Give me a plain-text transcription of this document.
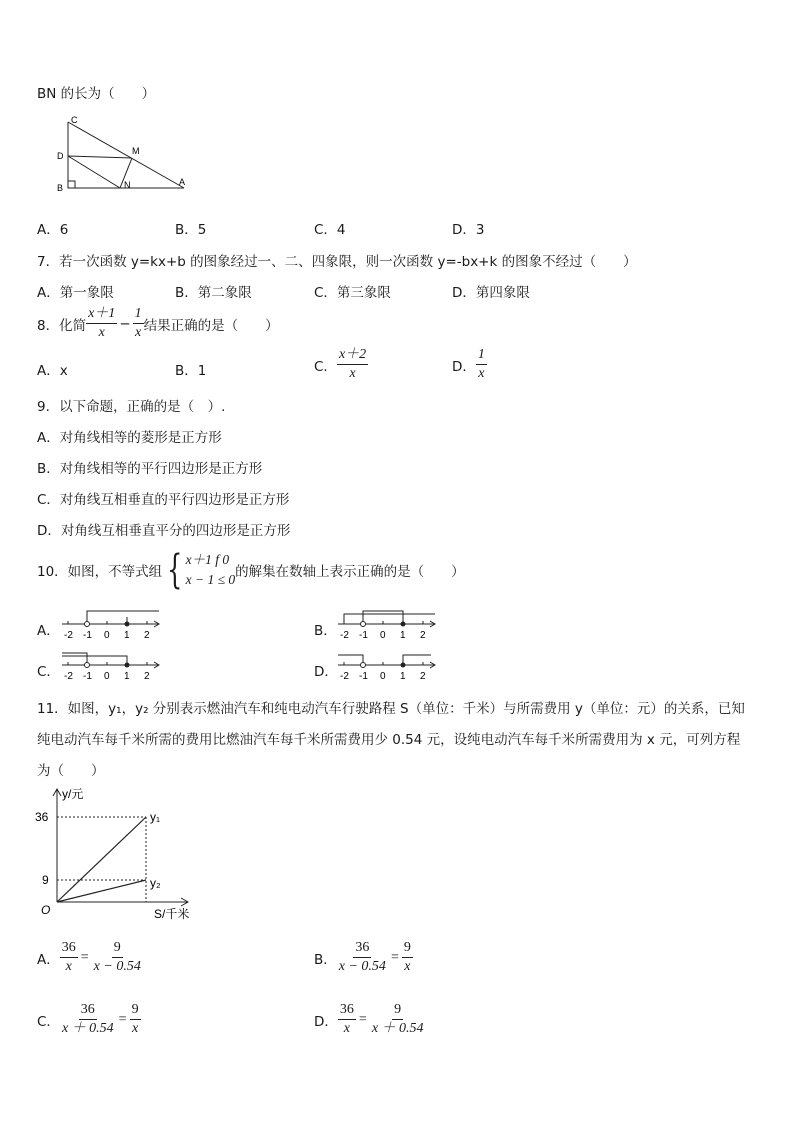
BN 的长为（　　）
C
D	M
B	N	A
A．6	B．5	C．4	D．3
7．若一次函数 y=kx+b 的图象经过一、二、四象限，则一次函数 y=-bx+k 的图象不经过（　　）
A．第一象限	B．第二象限	C．第三象限	D．第四象限
8．化简 $\frac{x+1}{x} - \frac{1}{x}$ 结果正确的是（　　）
A．x	B．1	C． $\frac{x+2}{x}$	D． $\frac{1}{x}$
9．以下命题，正确的是（　）.
A．对角线相等的菱形是正方形
B．对角线相等的平行四边形是正方形
C．对角线互相垂直的平行四边形是正方形
D．对角线互相垂直平分的四边形是正方形
10．如图，不等式组 { x＋1 f 0
x − 1 ≤ 0 的解集在数轴上表示正确的是（　　）
A． -2 -1 0 1 2	B． -2 -1 0 1 2
C． -2 -1 0 1 2	D． -2 -1 0 1 2
11．如图，y₁，y₂ 分别表示燃油汽车和纯电动汽车行驶路程 S（单位：千米）与所需费用 y（单位：元）的关系，已知
纯电动汽车每千米所需的费用比燃油汽车每千米所需费用少 0.54 元，设纯电动汽车每千米所需费用为 x 元，可列方程
为（　　）
y/元
S/千米
O
36
9
y₁
y₂
A． $\frac{36}{x} = \frac{9}{x - 0.54}$	B． $\frac{36}{x - 0.54} = \frac{9}{x}$
C． $\frac{36}{x + 0.54} = \frac{9}{x}$	D． $\frac{36}{x} = \frac{9}{x + 0.54}$
